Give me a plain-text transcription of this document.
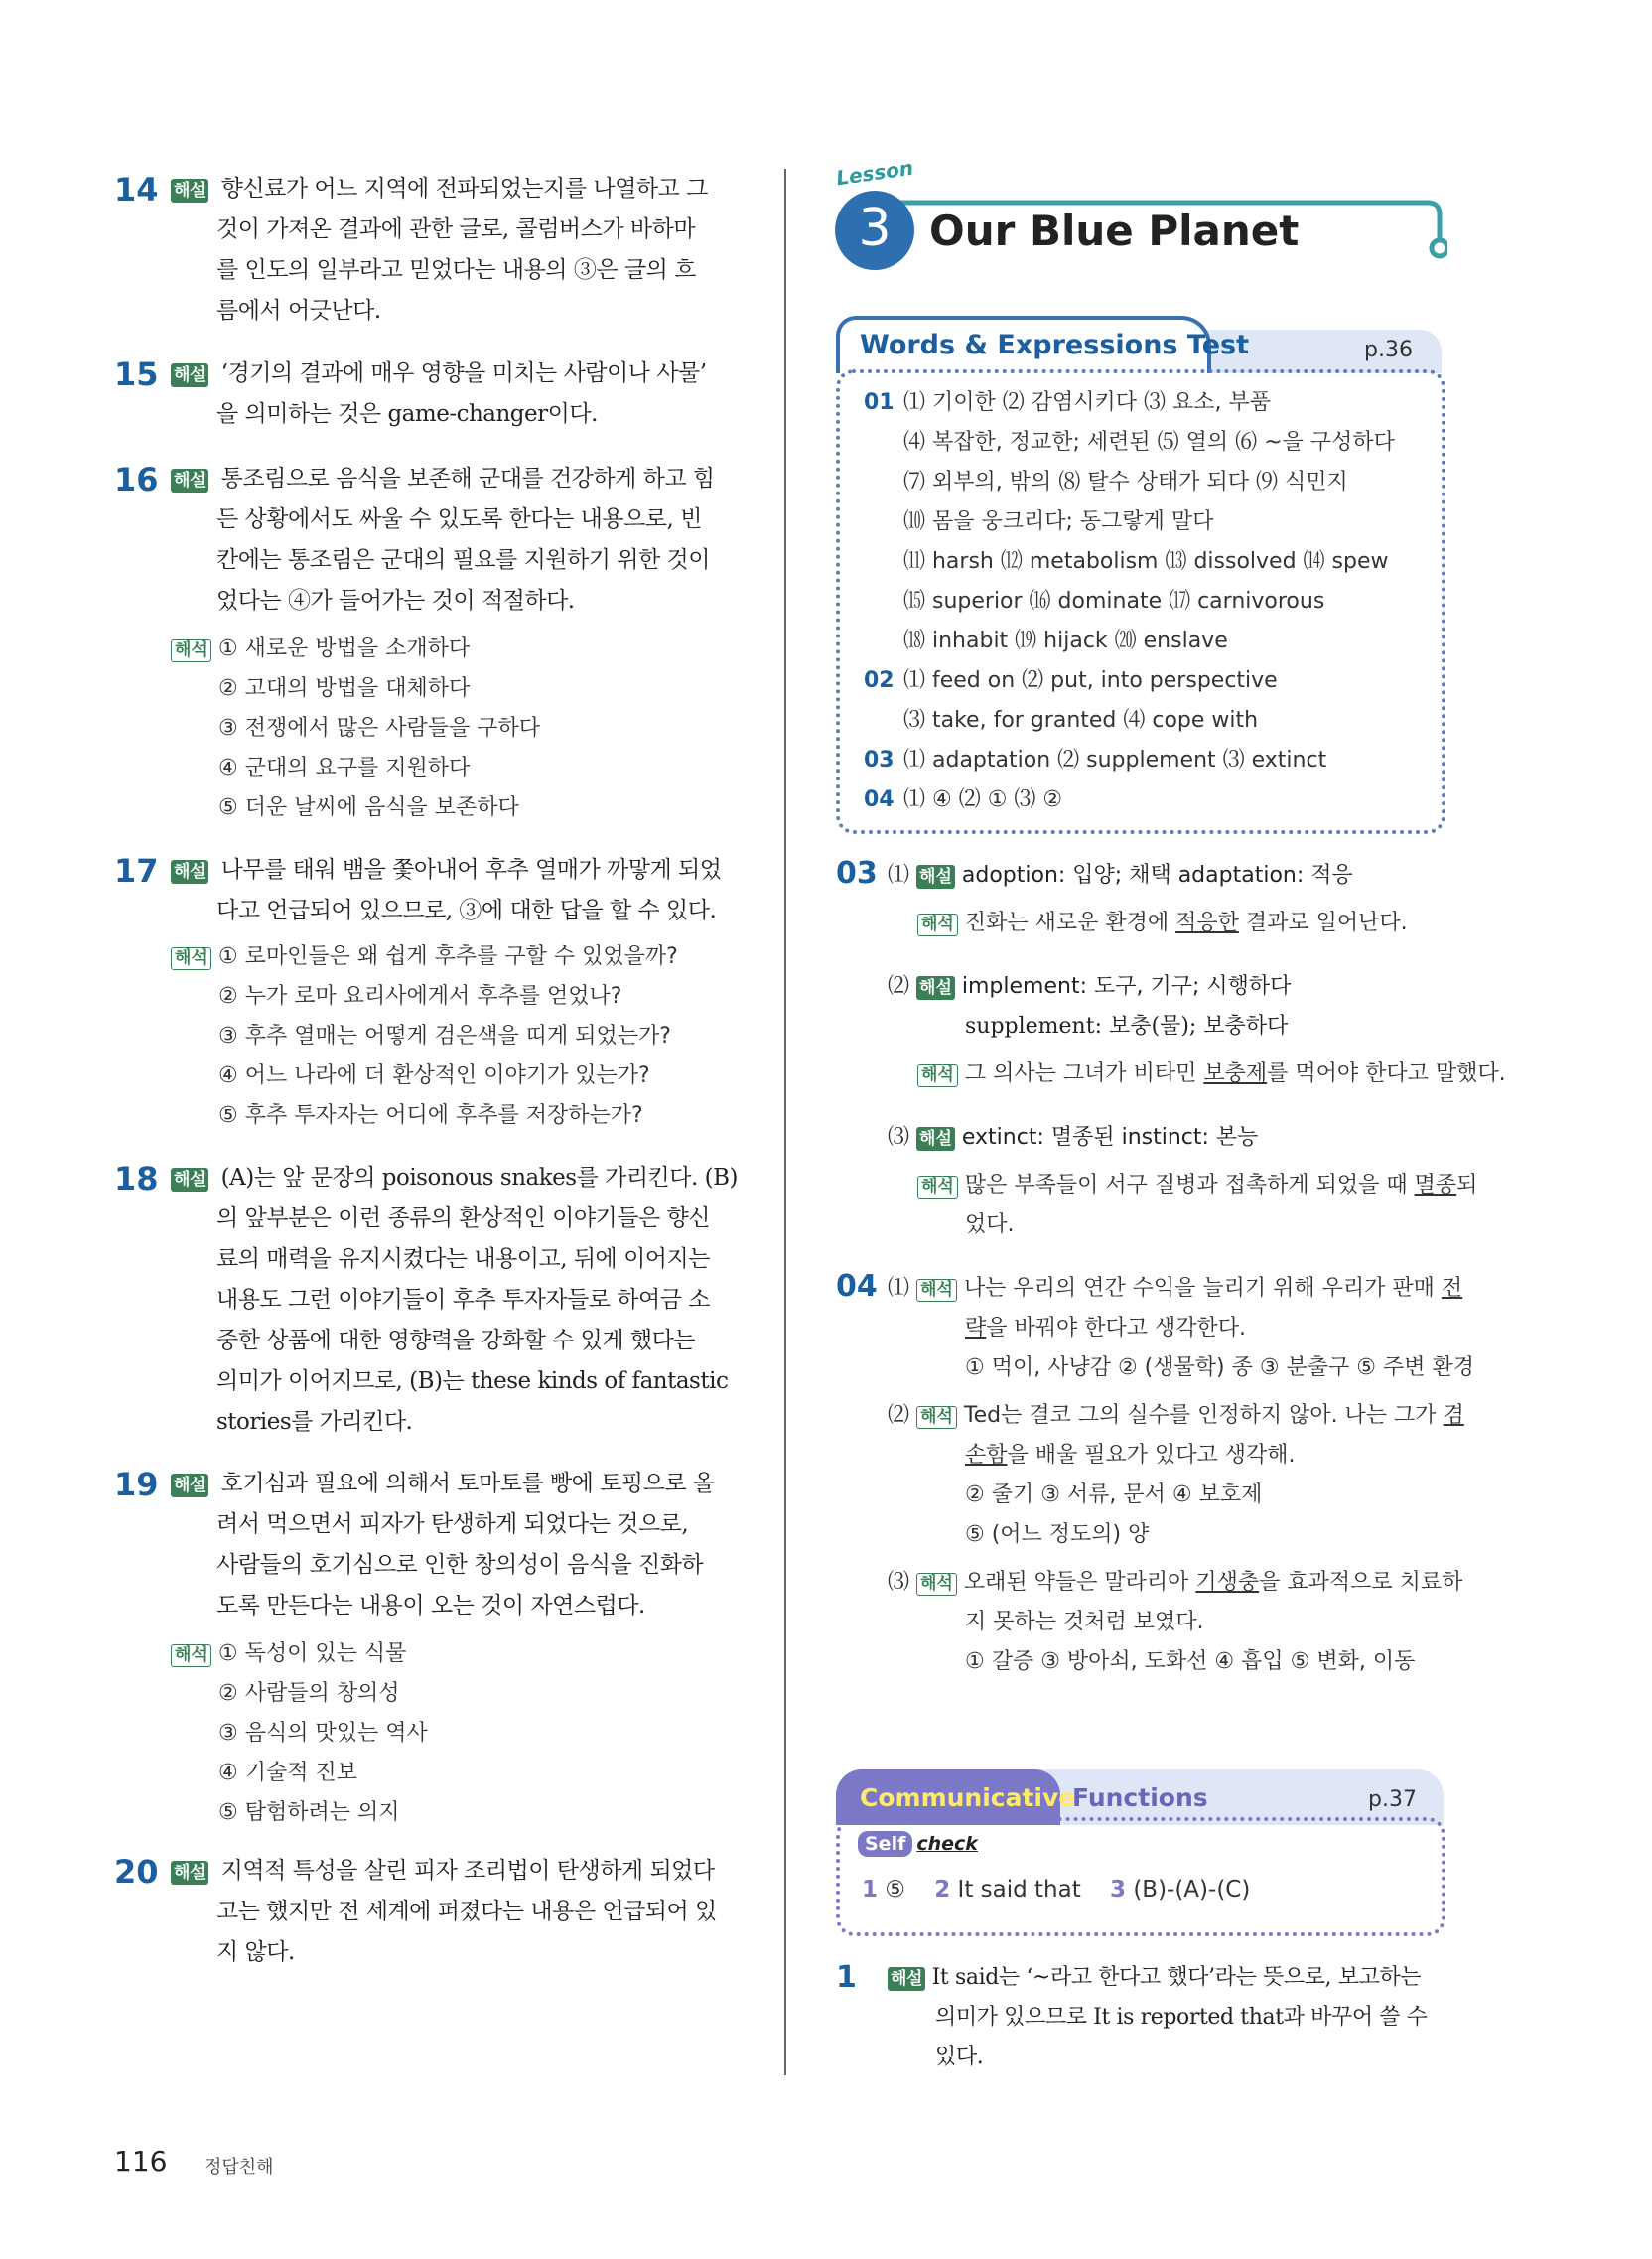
14 해설 향신료가 어느 지역에 전파되었는지를 나열하고 그
것이 가져온 결과에 관한 글로, 콜럼버스가 바하마
를 인도의 일부라고 믿었다는 내용의 ③은 글의 흐
름에서 어긋난다.
15 해설 ‘경기의 결과에 매우 영향을 미치는 사람이나 사물’
을 의미하는 것은 game-changer이다.
16 해설 통조림으로 음식을 보존해 군대를 건강하게 하고 힘
든 상황에서도 싸울 수 있도록 한다는 내용으로, 빈
칸에는 통조림은 군대의 필요를 지원하기 위한 것이
었다는 ④가 들어가는 것이 적절하다.
해석 ① 새로운 방법을 소개하다
② 고대의 방법을 대체하다
③ 전쟁에서 많은 사람들을 구하다
④ 군대의 요구를 지원하다
⑤ 더운 날씨에 음식을 보존하다
17 해설 나무를 태워 뱀을 쫓아내어 후추 열매가 까맣게 되었
다고 언급되어 있으므로, ③에 대한 답을 할 수 있다.
해석 ① 로마인들은 왜 쉽게 후추를 구할 수 있었을까?
② 누가 로마 요리사에게서 후추를 얻었나?
③ 후추 열매는 어떻게 검은색을 띠게 되었는가?
④ 어느 나라에 더 환상적인 이야기가 있는가?
⑤ 후추 투자자는 어디에 후추를 저장하는가?
18 해설 (A)는 앞 문장의 poisonous snakes를 가리킨다. (B)
의 앞부분은 이런 종류의 환상적인 이야기들은 향신
료의 매력을 유지시켰다는 내용이고, 뒤에 이어지는
내용도 그런 이야기들이 후추 투자자들로 하여금 소
중한 상품에 대한 영향력을 강화할 수 있게 했다는
의미가 이어지므로, (B)는 these kinds of fantastic
stories를 가리킨다.
19 해설 호기심과 필요에 의해서 토마토를 빵에 토핑으로 올
려서 먹으면서 피자가 탄생하게 되었다는 것으로,
사람들의 호기심으로 인한 창의성이 음식을 진화하
도록 만든다는 내용이 오는 것이 자연스럽다.
해석 ① 독성이 있는 식물
② 사람들의 창의성
③ 음식의 맛있는 역사
④ 기술적 진보
⑤ 탐험하려는 의지
20 해설 지역적 특성을 살린 피자 조리법이 탄생하게 되었다
고는 했지만 전 세계에 퍼졌다는 내용은 언급되어 있
지 않다.
Lesson
3 Our Blue Planet
Words & Expressions Test	p.36
01 ⑴ 기이한 ⑵ 감염시키다 ⑶ 요소, 부품
⑷ 복잡한, 정교한; 세련된 ⑸ 열의 ⑹ ~을 구성하다
⑺ 외부의, 밖의 ⑻ 탈수 상태가 되다 ⑼ 식민지
⑽ 몸을 웅크리다; 동그랗게 말다
⑾ harsh ⑿ metabolism ⒀ dissolved ⒁ spew
⒂ superior ⒃ dominate ⒄ carnivorous
⒅ inhabit ⒆ hijack ⒇ enslave
02 ⑴ feed on ⑵ put, into perspective
⑶ take, for granted ⑷ cope with
03 ⑴ adaptation ⑵ supplement ⑶ extinct
04 ⑴ ④ ⑵ ① ⑶ ②
03 ⑴ 해설 adoption: 입양; 채택 adaptation: 적응
해석 진화는 새로운 환경에 적응한 결과로 일어난다.
⑵ 해설 implement: 도구, 기구; 시행하다
supplement: 보충(물); 보충하다
해석 그 의사는 그녀가 비타민 보충제를 먹어야 한다고 말했다.
⑶ 해설 extinct: 멸종된 instinct: 본능
해석 많은 부족들이 서구 질병과 접촉하게 되었을 때 멸종되
었다.
04 ⑴ 해석 나는 우리의 연간 수익을 늘리기 위해 우리가 판매 전
략을 바꿔야 한다고 생각한다.
① 먹이, 사냥감 ② (생물학) 종 ③ 분출구 ⑤ 주변 환경
⑵ 해석 Ted는 결코 그의 실수를 인정하지 않아. 나는 그가 겸
손함을 배울 필요가 있다고 생각해.
② 줄기 ③ 서류, 문서 ④ 보호제
⑤ (어느 정도의) 양
⑶ 해석 오래된 약들은 말라리아 기생충을 효과적으로 치료하
지 못하는 것처럼 보였다.
① 갈증 ③ 방아쇠, 도화선 ④ 흡입 ⑤ 변화, 이동
Communicative
Functions	p.37
Self check
1 ⑤ 2 It said that 3 (B)-(A)-(C)
1 해설 It said는 ‘~라고 한다고 했다’라는 뜻으로, 보고하는
의미가 있으므로 It is reported that과 바꾸어 쓸 수
있다.
116 정답친해
